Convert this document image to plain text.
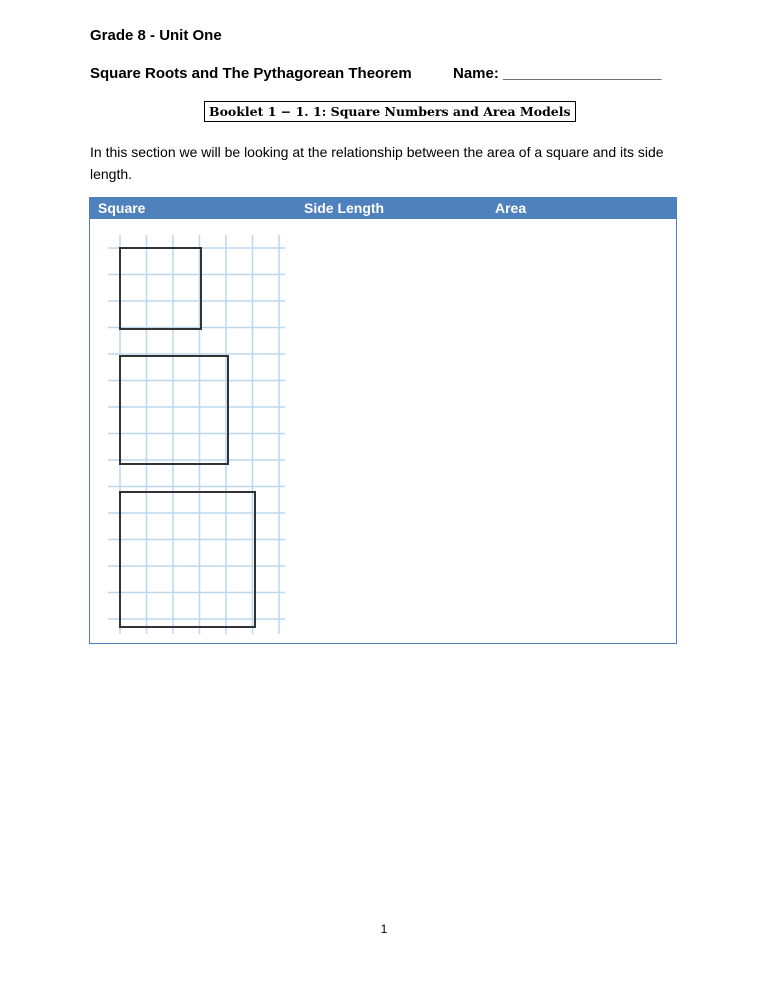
Grade 8 - Unit One
Square Roots and The Pythagorean Theorem	Name: ___________________
Booklet 1 − 1. 1: Square Numbers and Area Models
In this section we will be looking at the relationship between the area of a square and its side length.
Square	Side Length	Area
1
